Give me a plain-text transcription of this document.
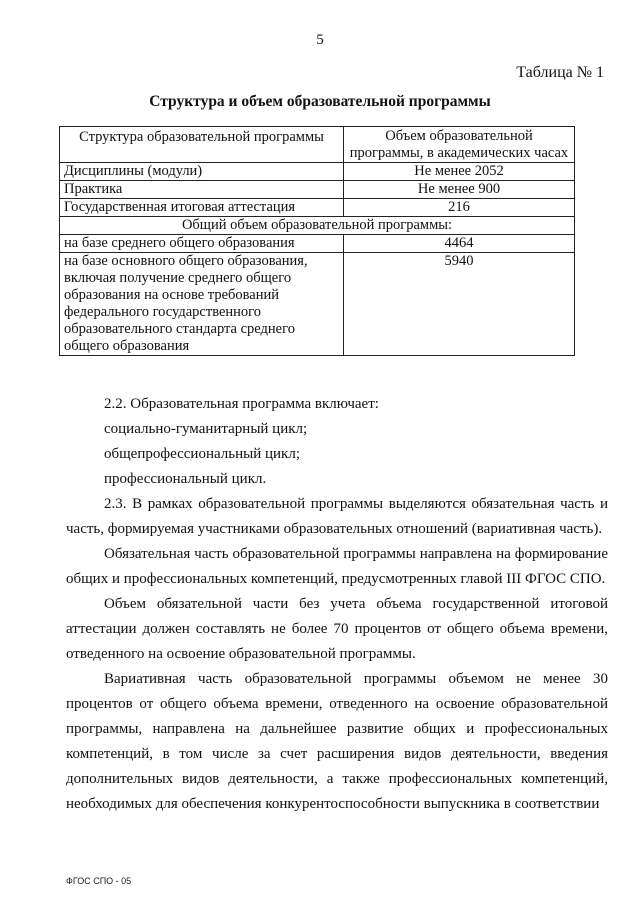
5
Таблица № 1
Структура и объем образовательной программы
Структура образовательной программы	Объем образовательной программы, в академических часах
Дисциплины (модули)	Не менее 2052
Практика	Не менее 900
Государственная итоговая аттестация	216
Общий объем образовательной программы:	
на базе среднего общего образования	4464
на базе основного общего образования, включая получение среднего общего образования на основе требований федерального государственного образовательного стандарта среднего общего образования	5940

2.2. Образовательная программа включает:

социально-гуманитарный цикл;

общепрофессиональный цикл;

профессиональный цикл.

2.3. В рамках образовательной программы выделяются обязательная часть и часть, формируемая участниками образовательных отношений (вариативная часть).

Обязательная часть образовательной программы направлена на формирование общих и профессиональных компетенций, предусмотренных главой III ФГОС СПО.

Объем обязательной части без учета объема государственной итоговой аттестации должен составлять не более 70 процентов от общего объема времени, отведенного на освоение образовательной программы.

Вариативная часть образовательной программы объемом не менее 30 процентов от общего объема времени, отведенного на освоение образовательной программы, направлена на дальнейшее развитие общих и профессиональных компетенций, в том числе за счет расширения видов деятельности, введения дополнительных видов деятельности, а также профессиональных компетенций, необходимых для обеспечения конкурентоспособности выпускника в соответствии

ФГОС СПО - 05
